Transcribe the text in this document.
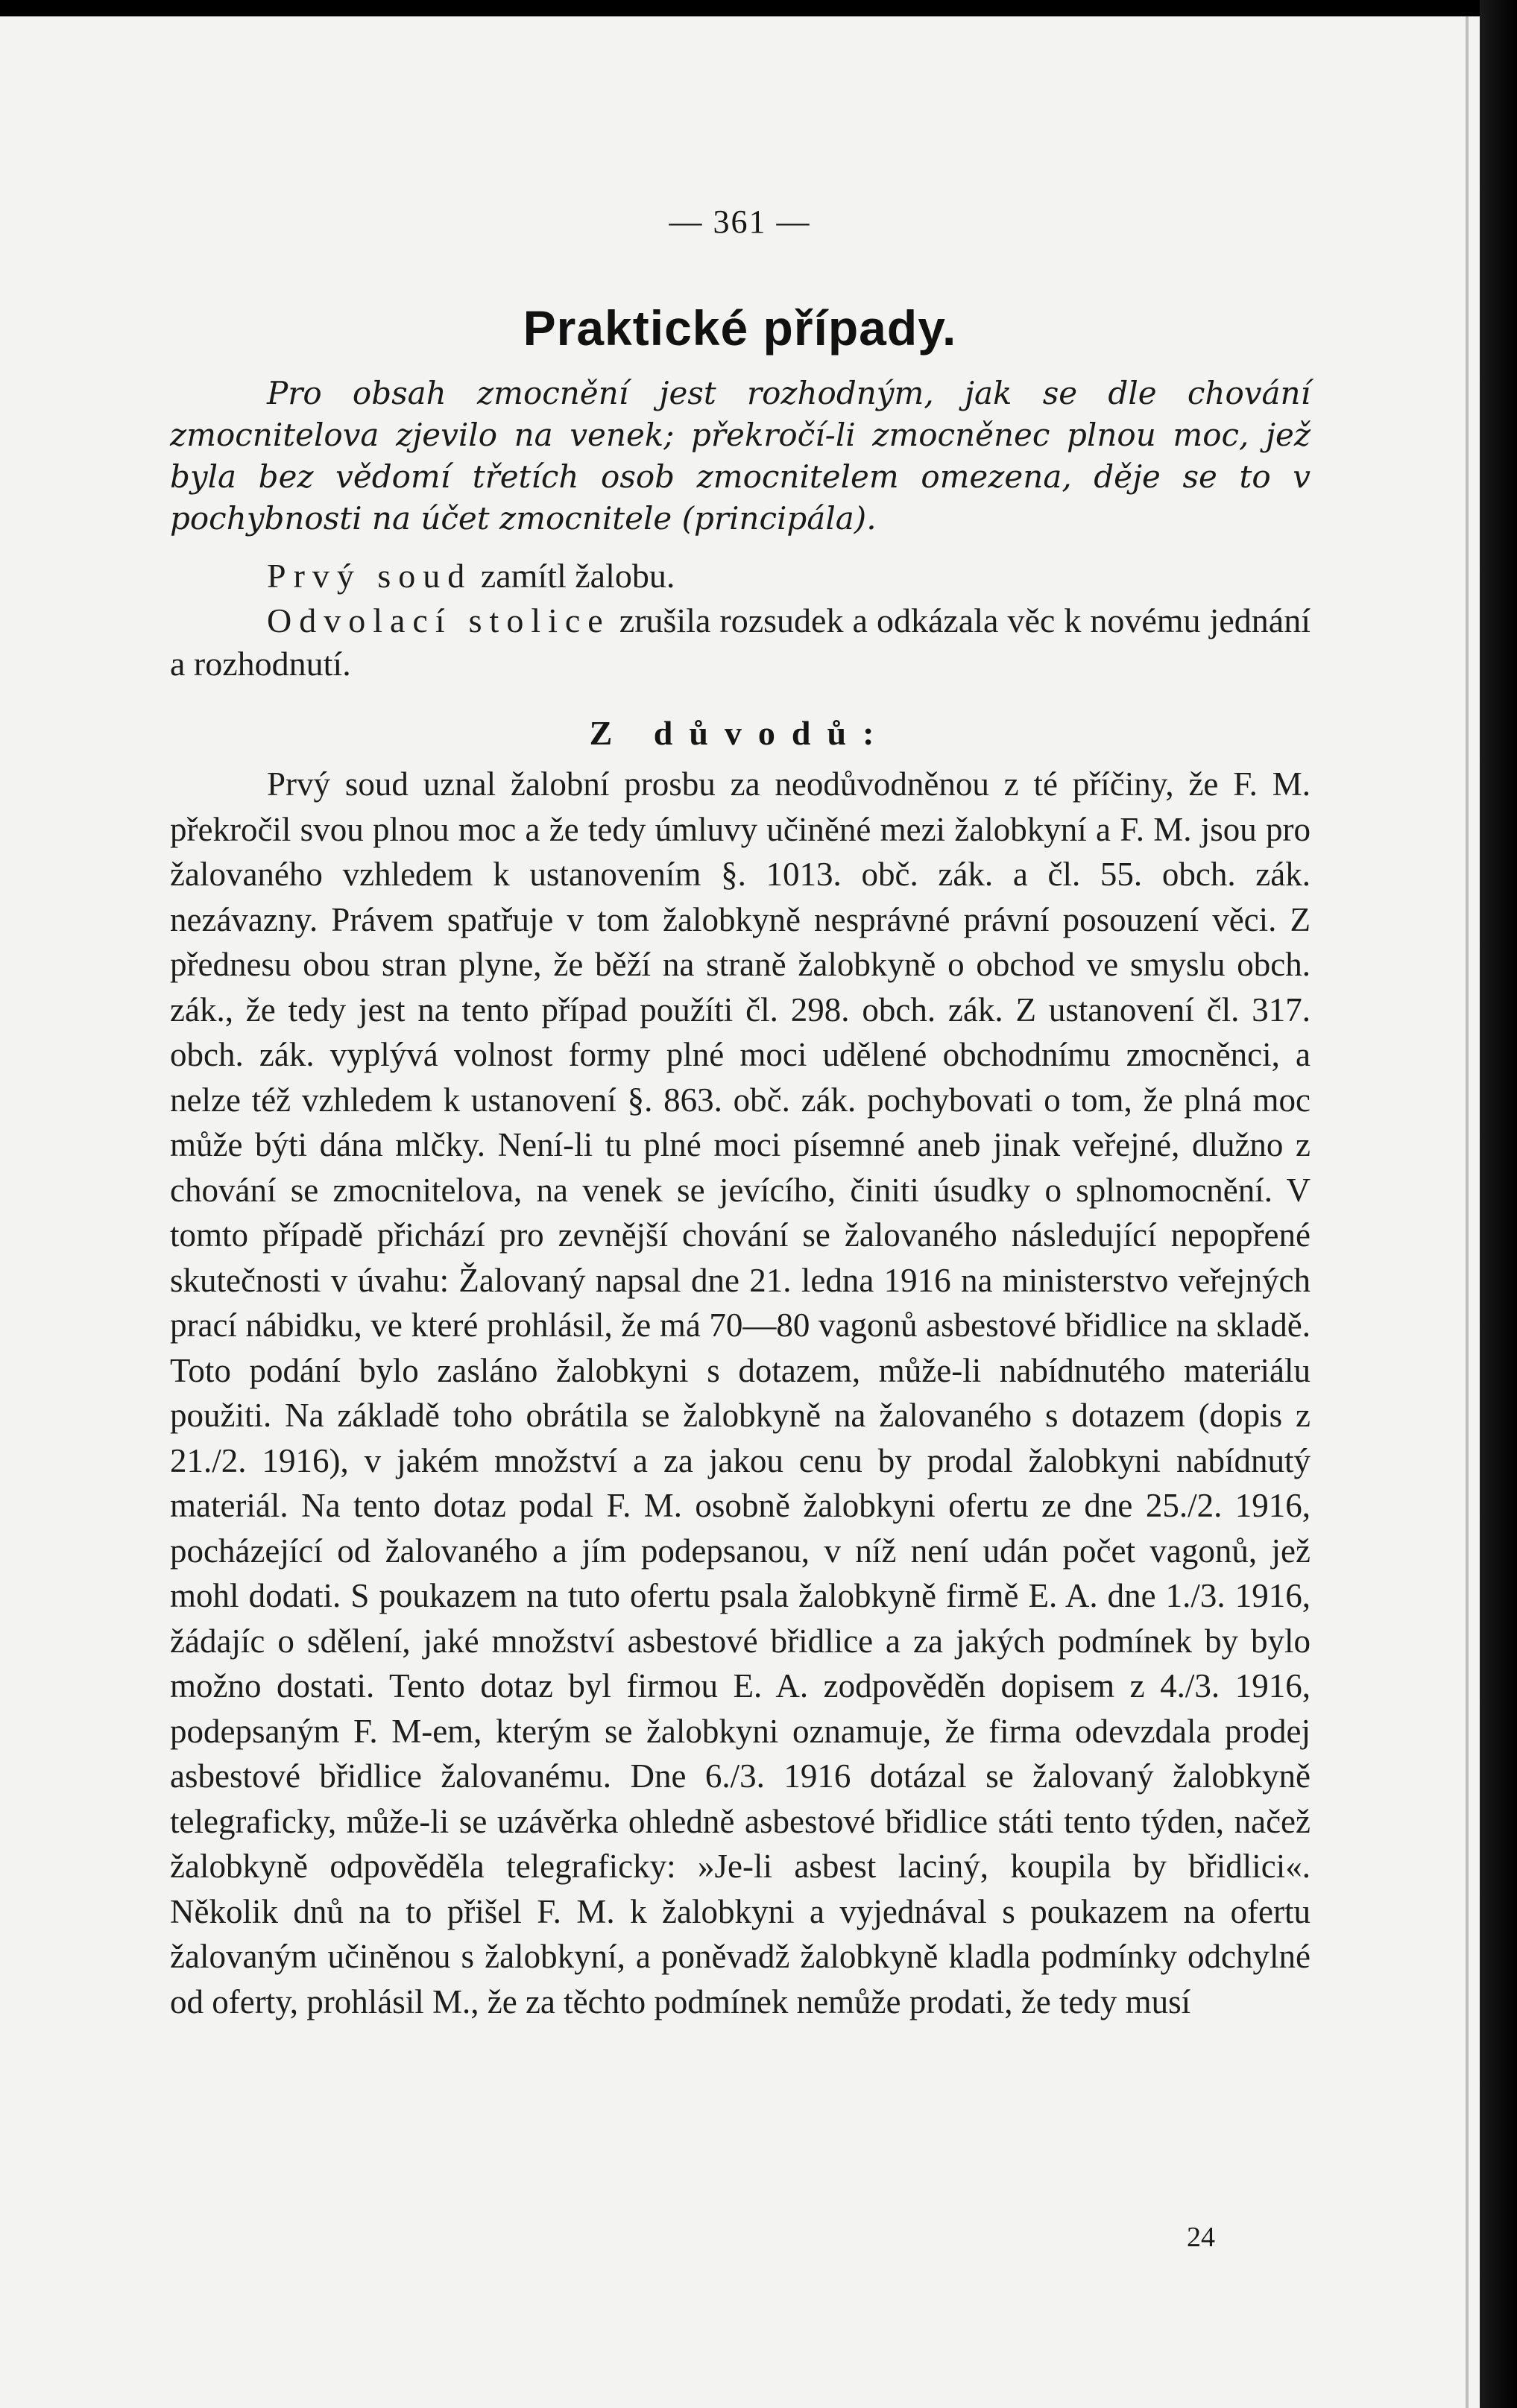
— 361 —
Praktické případy.
Pro obsah zmocnění jest rozhodným, jak se dle chování zmocnitelova zjevilo na venek; překročí-li zmocněnec plnou moc, jež byla bez vědomí třetích osob zmocnitelem omezena, děje se to v pochybnosti na účet zmocnitele (principála).
Prvý soud zamítl žalobu.
Odvolací stolice zrušila rozsudek a odkázala věc k novému jednání a rozhodnutí.
Z důvodů:
Prvý soud uznal žalobní prosbu za neodůvodněnou z té příčiny, že F. M. překročil svou plnou moc a že tedy úmluvy učiněné mezi žalobkyní a F. M. jsou pro žalovaného vzhledem k ustanovením §. 1013. obč. zák. a čl. 55. obch. zák. nezávazny. Právem spatřuje v tom žalobkyně nesprávné právní posouzení věci. Z přednesu obou stran plyne, že běží na straně žalobkyně o obchod ve smyslu obch. zák., že tedy jest na tento případ použíti čl. 298. obch. zák. Z ustanovení čl. 317. obch. zák. vyplývá volnost formy plné moci udělené obchodnímu zmocněnci, a nelze též vzhledem k ustanovení §. 863. obč. zák. pochybovati o tom, že plná moc může býti dána mlčky. Není-li tu plné moci písemné aneb jinak veřejné, dlužno z chování se zmocnitelova, na venek se jevícího, činiti úsudky o splnomocnění. V tomto případě přichází pro zevnější chování se žalovaného následující nepopřené skutečnosti v úvahu: Žalovaný napsal dne 21. ledna 1916 na ministerstvo veřejných prací nábidku, ve které prohlásil, že má 70—80 vagonů asbestové břidlice na skladě. Toto podání bylo zasláno žalobkyni s dotazem, může-li nabídnutého materiálu použiti. Na základě toho obrátila se žalobkyně na žalovaného s dotazem (dopis z 21./2. 1916), v jakém množství a za jakou cenu by prodal žalobkyni nabídnutý materiál. Na tento dotaz podal F. M. osobně žalobkyni ofertu ze dne 25./2. 1916, pocházející od žalovaného a jím podepsanou, v níž není udán počet vagonů, jež mohl dodati. S poukazem na tuto ofertu psala žalobkyně firmě E. A. dne 1./3. 1916, žádajíc o sdělení, jaké množství asbestové břidlice a za jakých podmínek by bylo možno dostati. Tento dotaz byl firmou E. A. zodpověděn dopisem z 4./3. 1916, podepsaným F. M-em, kterým se žalobkyni oznamuje, že firma odevzdala prodej asbestové břidlice žalovanému. Dne 6./3. 1916 dotázal se žalovaný žalobkyně telegraficky, může-li se uzávěrka ohledně asbestové břidlice státi tento týden, načež žalobkyně odpověděla telegraficky: »Je-li asbest laciný, koupila by břidlici«. Několik dnů na to přišel F. M. k žalobkyni a vyjednával s poukazem na ofertu žalovaným učiněnou s žalobkyní, a poněvadž žalobkyně kladla podmínky odchylné od oferty, prohlásil M., že za těchto podmínek nemůže prodati, že tedy musí
24
